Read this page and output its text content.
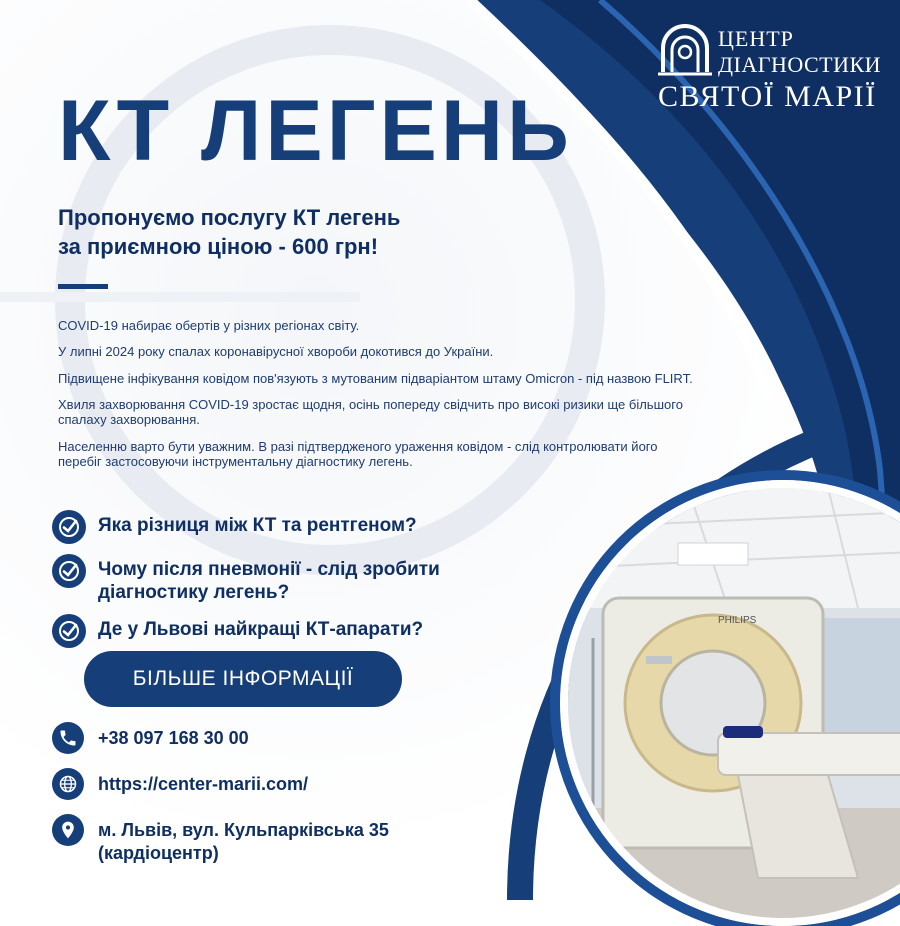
ЦЕНТР
ДІАГНОСТИКИ
СВЯТОЇ МАРІЇ
КТ ЛЕГЕНЬ
Пропонуємо послугу КТ легень
за приємною ціною - 600 грн!

COVID-19 набирає обертів у різних регіонах світу.

У липні 2024 року спалах коронавірусної хвороби докотився до України.

Підвищене інфікування ковідом пов'язують з мутованим підваріантом штаму Omicron - під назвою FLIRT.

Хвиля захворювання COVID-19 зростає щодня, осінь попереду свідчить про високі ризики ще більшого спалаху захворювання.

Населенню варто бути уважним. В разі підтвердженого ураження ковідом - слід контролювати його перебіг застосовуючи інструментальну діагностику легень.

Яка різниця між КТ та рентгеном?
Чому після пневмонії - слід зробити діагностику легень?
Де у Львові найкращі КТ-апарати?
БІЛЬШЕ ІНФОРМАЦІЇ
+38 097 168 30 00
https://center-marii.com/
м. Львів, вул. Кульпарківська 35 (кардіоцентр)
PHILIPS
